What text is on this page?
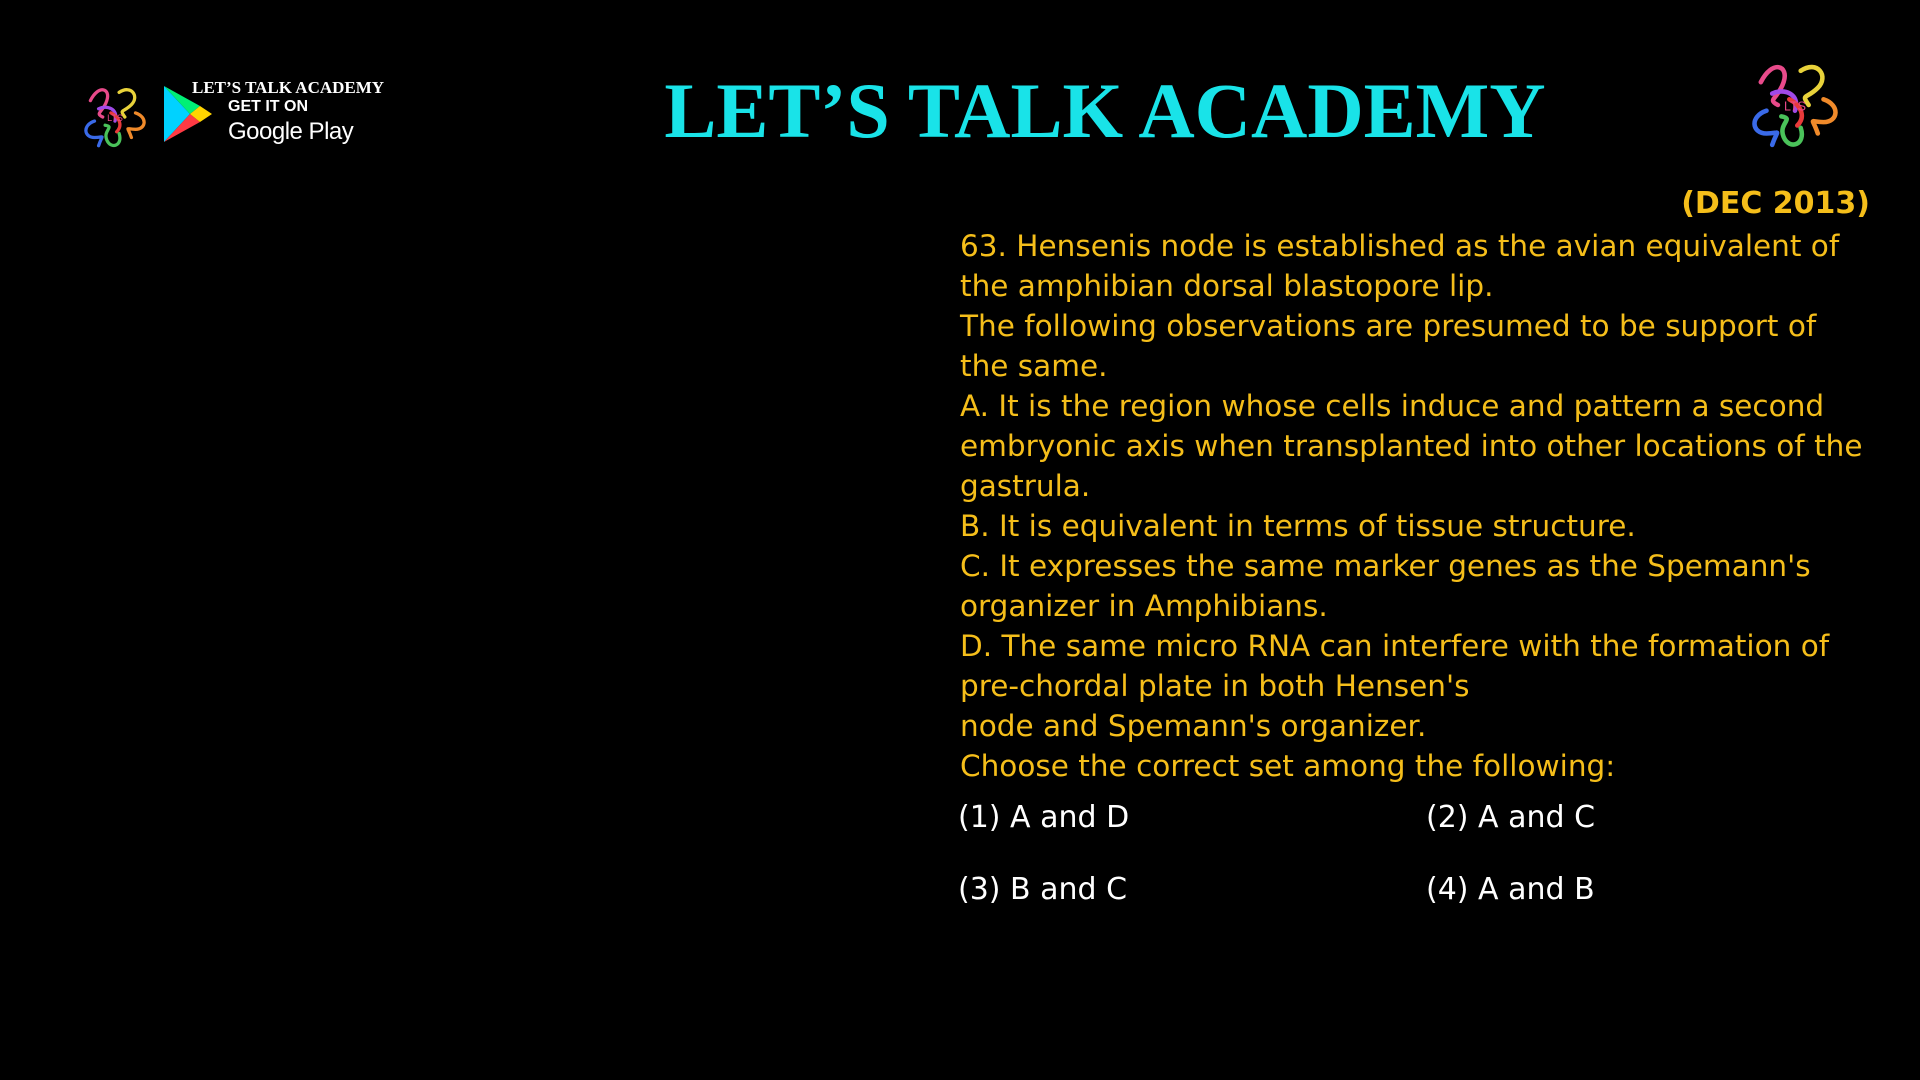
LTS
LET’S TALK ACADEMY
GET IT ON
Google Play	LET’S TALK ACADEMY	LTS
(DEC 2013)
63. Hensenis node is established as the avian equivalent of
the amphibian dorsal blastopore lip.
The following observations are presumed to be support of
the same.
A. It is the region whose cells induce and pattern a second
embryonic axis when transplanted into other locations of the
gastrula.
B. It is equivalent in terms of tissue structure.
C. It expresses the same marker genes as the Spemann's
organizer in Amphibians.
D. The same micro RNA can interfere with the formation of
pre-chordal plate in both Hensen's
node and Spemann's organizer.
Choose the correct set among the following:
(1) A and D	(2) A and C
(3) B and C	(4) A and B
